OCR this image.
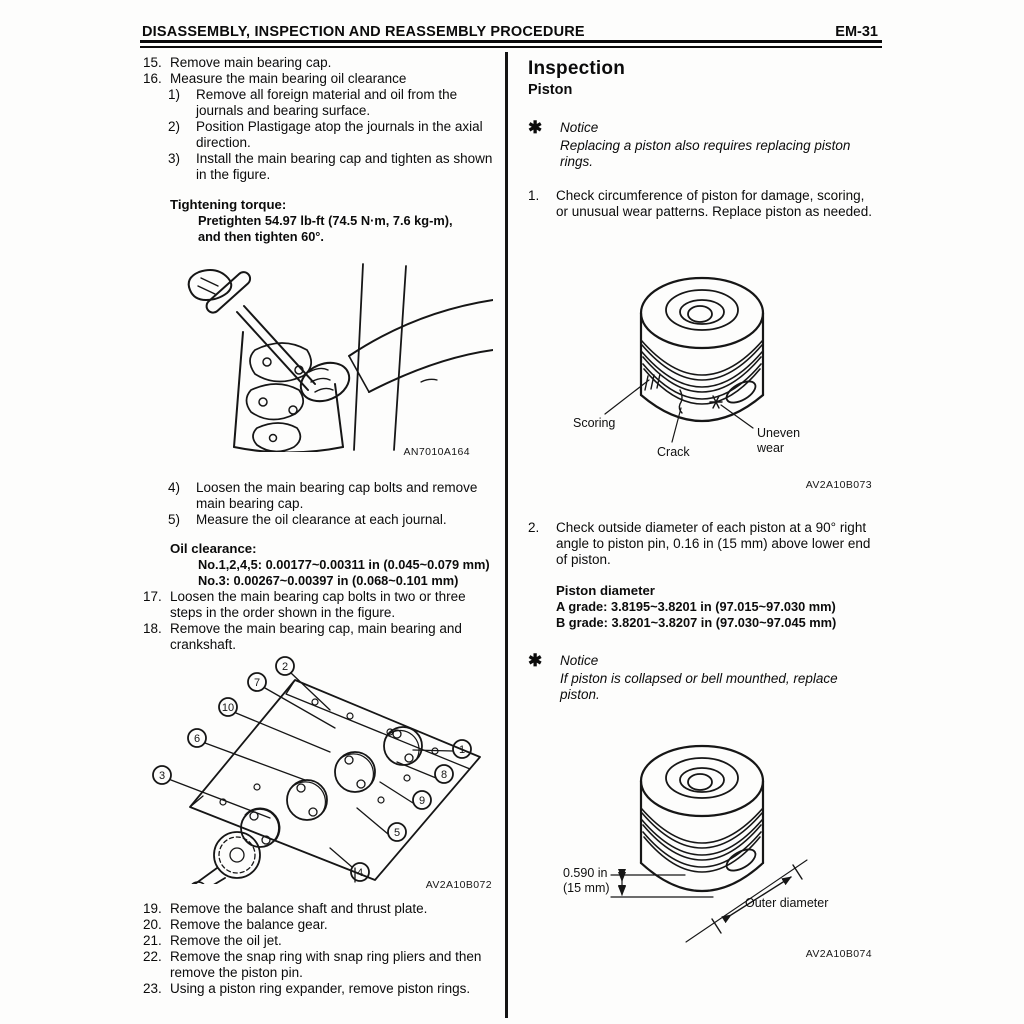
DISASSEMBLY, INSPECTION AND REASSEMBLY PROCEDURE	EM-31
15. Remove main bearing cap.
16. Measure the main bearing oil clearance
1)	Remove all foreign material and oil from the journals and bearing surface.
2)	Position Plastigage atop the journals in the axial direction.
3)	Install the main bearing cap and tighten as shown in the figure.
Tightening torque:
Pretighten 54.97 lb-ft (74.5 N·m, 7.6 kg-m),
and then tighten 60°.
AN7010A164
4)	Loosen the main bearing cap bolts and remove main bearing cap.
5)	Measure the oil clearance at each journal.
Oil clearance:
No.1,2,4,5: 0.00177~0.00311 in (0.045~0.079 mm)
No.3: 0.00267~0.00397 in (0.068~0.101 mm)
17. Loosen the main bearing cap bolts in two or three steps in the order shown in the figure.
18. Remove the main bearing cap, main bearing and crankshaft.
1
2
3
4
5
6
7
8
9
10
AV2A10B072
19. Remove the balance shaft and thrust plate.
20. Remove the balance gear.
21. Remove the oil jet.
22. Remove the snap ring with snap ring pliers and then remove the piston pin.
23. Using a piston ring expander, remove piston rings.
Inspection
Piston
✱	Notice
Replacing a piston also requires replacing piston rings.
1.	Check circumference of piston for damage, scoring, or unusual wear patterns. Replace piston as needed.
Scoring
Crack
Uneven
wear
AV2A10B073
2.	Check outside diameter of each piston at a 90° right angle to piston pin, 0.16 in (15 mm) above lower end of piston.
Piston diameter
A grade: 3.8195~3.8201 in (97.015~97.030 mm)
B grade: 3.8201~3.8207 in (97.030~97.045 mm)
✱	Notice
If piston is collapsed or bell mounthed, replace piston.
0.590 in
(15 mm)
Outer diameter
AV2A10B074
